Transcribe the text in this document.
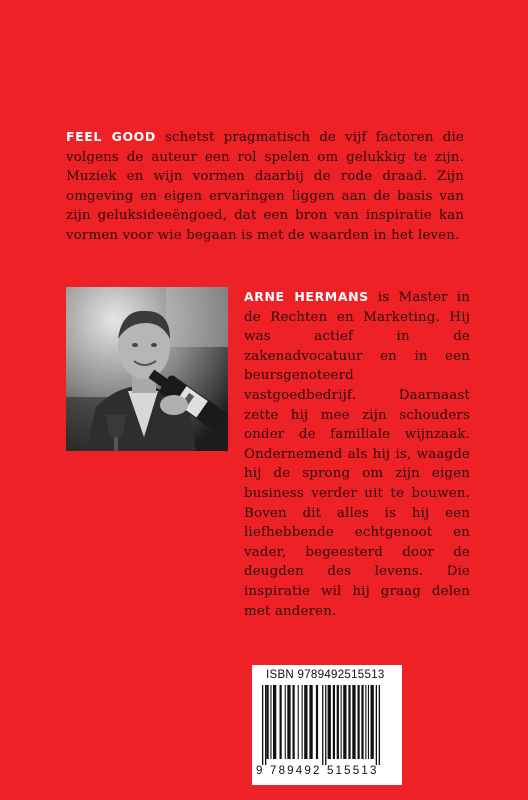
FEEL GOOD schetst pragmatisch de vijf factoren die volgens de auteur een rol spelen om gelukkig te zijn. Muziek en wijn vormen daarbij de rode draad. Zijn omgeving en eigen ervaringen liggen aan de basis van zijn geluksideeëngoed, dat een bron van inspiratie kan vormen voor wie begaan is met de waarden in het leven.
ARNE HERMANS is Master in de Rechten en Marketing. Hij was actief in de zakenadvocatuur en in een beursgenoteerd vastgoedbedrijf. Daarnaast zette hij mee zijn schouders onder de familiale wijnzaak. Ondernemend als hij is, waagde hij de sprong om zijn eigen business verder uit te bouwen. Boven dit alles is hij een liefhebbende echtgenoot en vader, begeesterd door de deugden des levens. Die inspiratie wil hij graag delen met anderen.
ISBN 9789492515513
9 789492 515513
